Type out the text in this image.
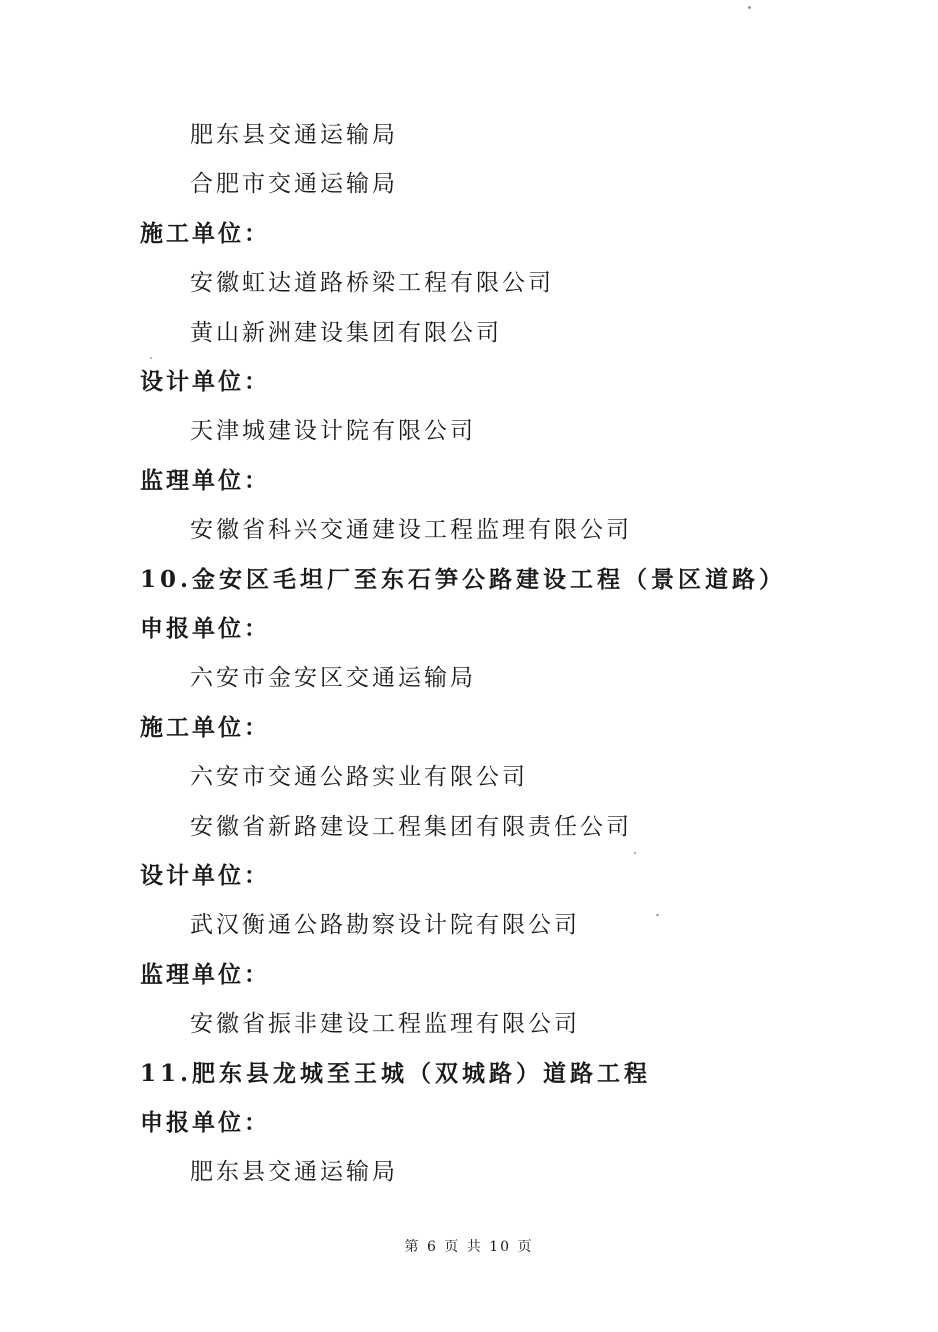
肥东县交通运输局
合肥市交通运输局
施工单位：
安徽虹达道路桥梁工程有限公司
黄山新洲建设集团有限公司
设计单位：
天津城建设计院有限公司
监理单位：
安徽省科兴交通建设工程监理有限公司
10.金安区毛坦厂至东石笋公路建设工程（景区道路）
申报单位：
六安市金安区交通运输局
施工单位：
六安市交通公路实业有限公司
安徽省新路建设工程集团有限责任公司
设计单位：
武汉衡通公路勘察设计院有限公司
监理单位：
安徽省振非建设工程监理有限公司
11.肥东县龙城至王城（双城路）道路工程
申报单位：
肥东县交通运输局
第 6 页 共 10 页
